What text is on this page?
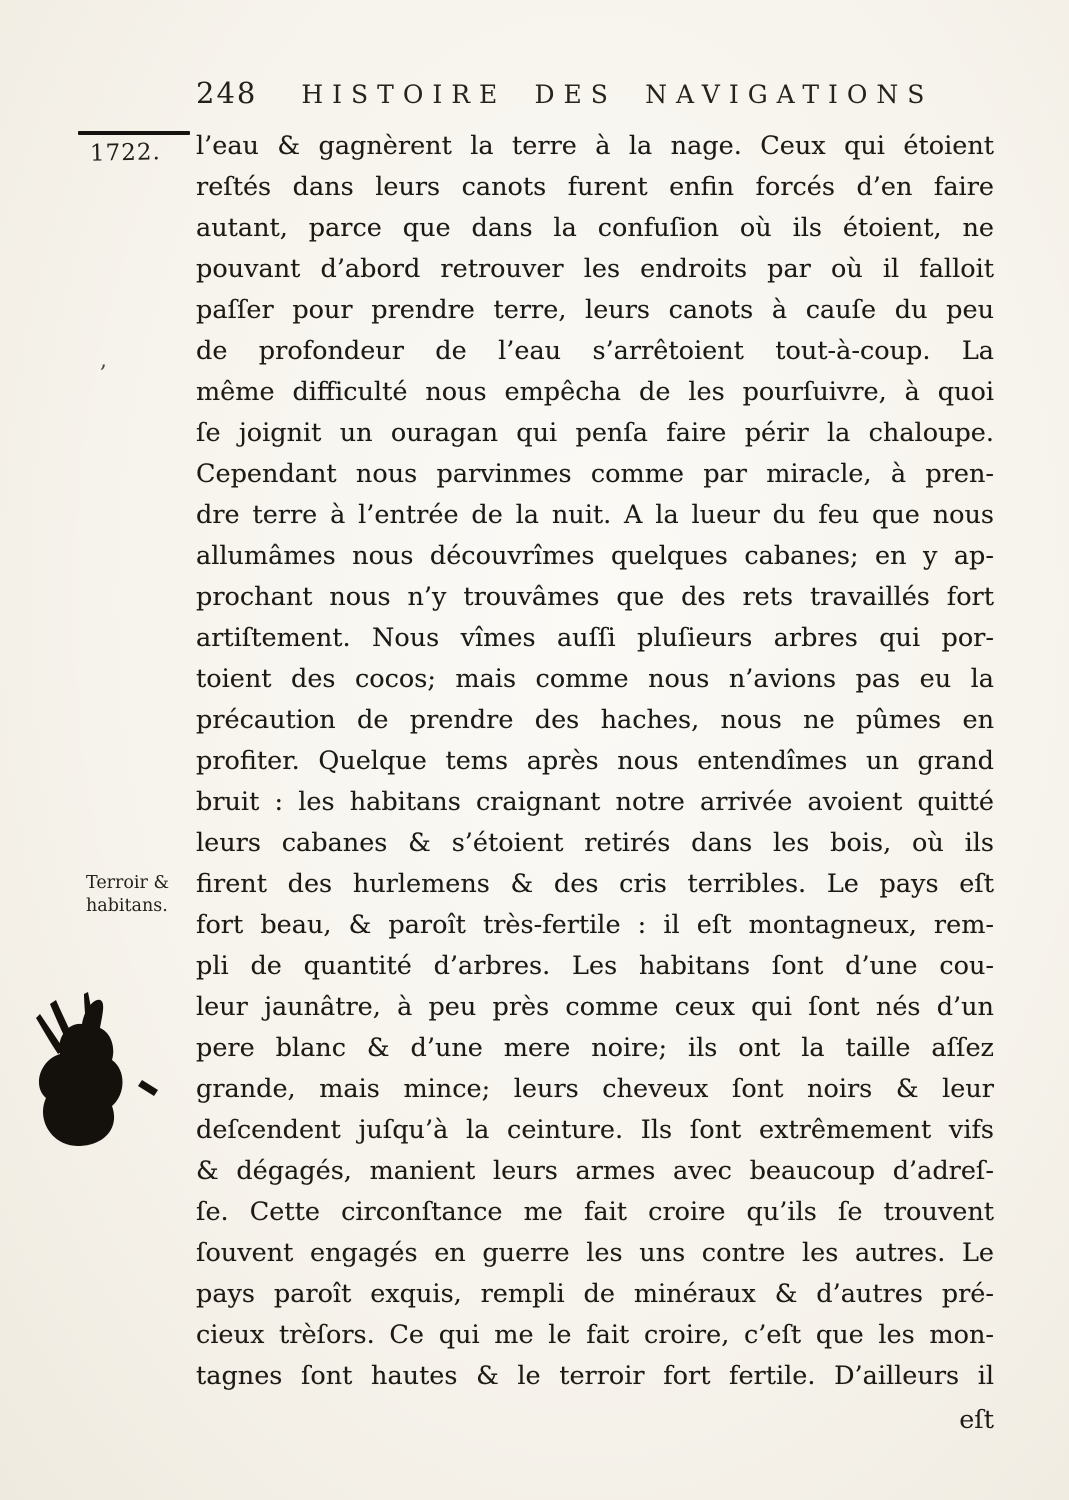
248 HISTOIRE DES NAVIGATIONS
1722.
Terroir &
habitans.
,
l’eau & gagnèrent la terre à la nage. Ceux qui étoient
reſtés dans leurs canots furent enfin forcés d’en faire
autant, parce que dans la confuſion où ils étoient, ne
pouvant d’abord retrouver les endroits par où il falloit
paſſer pour prendre terre, leurs canots à cauſe du peu
de profondeur de l’eau s’arrêtoient tout-à-coup. La
même difficulté nous empêcha de les pourſuivre, à quoi
ſe joignit un ouragan qui penſa faire périr la chaloupe.
Cependant nous parvinmes comme par miracle, à pren-
dre terre à l’entrée de la nuit. A la lueur du feu que nous
allumâmes nous découvrîmes quelques cabanes; en y ap-
prochant nous n’y trouvâmes que des rets travaillés fort
artiſtement. Nous vîmes auſſi pluſieurs arbres qui por-
toient des cocos; mais comme nous n’avions pas eu la
précaution de prendre des haches, nous ne pûmes en
profiter. Quelque tems après nous entendîmes un grand
bruit : les habitans craignant notre arrivée avoient quitté
leurs cabanes & s’étoient retirés dans les bois, où ils
firent des hurlemens & des cris terribles. Le pays eſt
fort beau, & paroît très-fertile : il eſt montagneux, rem-
pli de quantité d’arbres. Les habitans ſont d’une cou-
leur jaunâtre, à peu près comme ceux qui ſont nés d’un
pere blanc & d’une mere noire; ils ont la taille aſſez
grande, mais mince; leurs cheveux ſont noirs & leur
deſcendent juſqu’à la ceinture. Ils ſont extrêmement vifs
& dégagés, manient leurs armes avec beaucoup d’adreſ-
ſe. Cette circonſtance me fait croire qu’ils ſe trouvent
ſouvent engagés en guerre les uns contre les autres. Le
pays paroît exquis, rempli de minéraux & d’autres pré-
cieux trèſors. Ce qui me le fait croire, c’eſt que les mon-
tagnes ſont hautes & le terroir fort fertile. D’ailleurs il
eſt
